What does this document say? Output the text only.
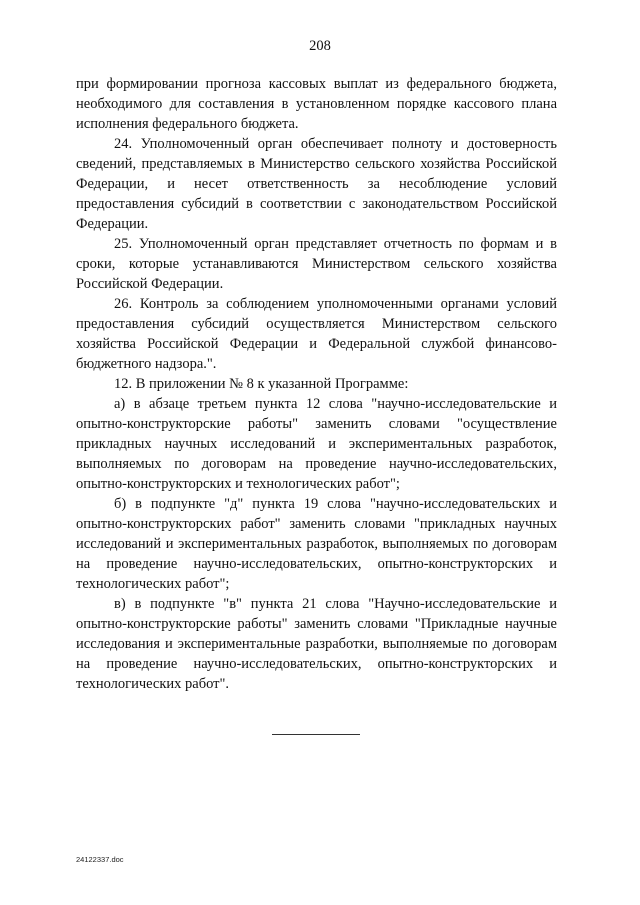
208

при формировании прогноза кассовых выплат из федерального бюджета, необходимого для составления в установленном порядке кассового плана исполнения федерального бюджета.

24. Уполномоченный орган обеспечивает полноту и достоверность сведений, представляемых в Министерство сельского хозяйства Российской Федерации, и несет ответственность за несоблюдение условий предоставления субсидий в соответствии с законодательством Российской Федерации.

25. Уполномоченный орган представляет отчетность по формам и в сроки, которые устанавливаются Министерством сельского хозяйства Российской Федерации.

26. Контроль за соблюдением уполномоченными органами условий предоставления субсидий осуществляется Министерством сельского хозяйства Российской Федерации и Федеральной службой финансово-бюджетного надзора.".

12. В приложении № 8 к указанной Программе:

а) в абзаце третьем пункта 12 слова "научно-исследовательские и опытно-конструкторские работы" заменить словами "осуществление прикладных научных исследований и экспериментальных разработок, выполняемых по договорам на проведение научно-исследовательских, опытно-конструкторских и технологических работ";

б) в подпункте "д" пункта 19 слова "научно-исследовательских и опытно-конструкторских работ" заменить словами "прикладных научных исследований и экспериментальных разработок, выполняемых по договорам на проведение научно-исследовательских, опытно-конструкторских и технологических работ";

в) в подпункте "в" пункта 21 слова "Научно-исследовательские и опытно-конструкторские работы" заменить словами "Прикладные научные исследования и экспериментальные разработки, выполняемые по договорам на проведение научно-исследовательских, опытно-конструкторских и технологических работ".

24122337.doc
